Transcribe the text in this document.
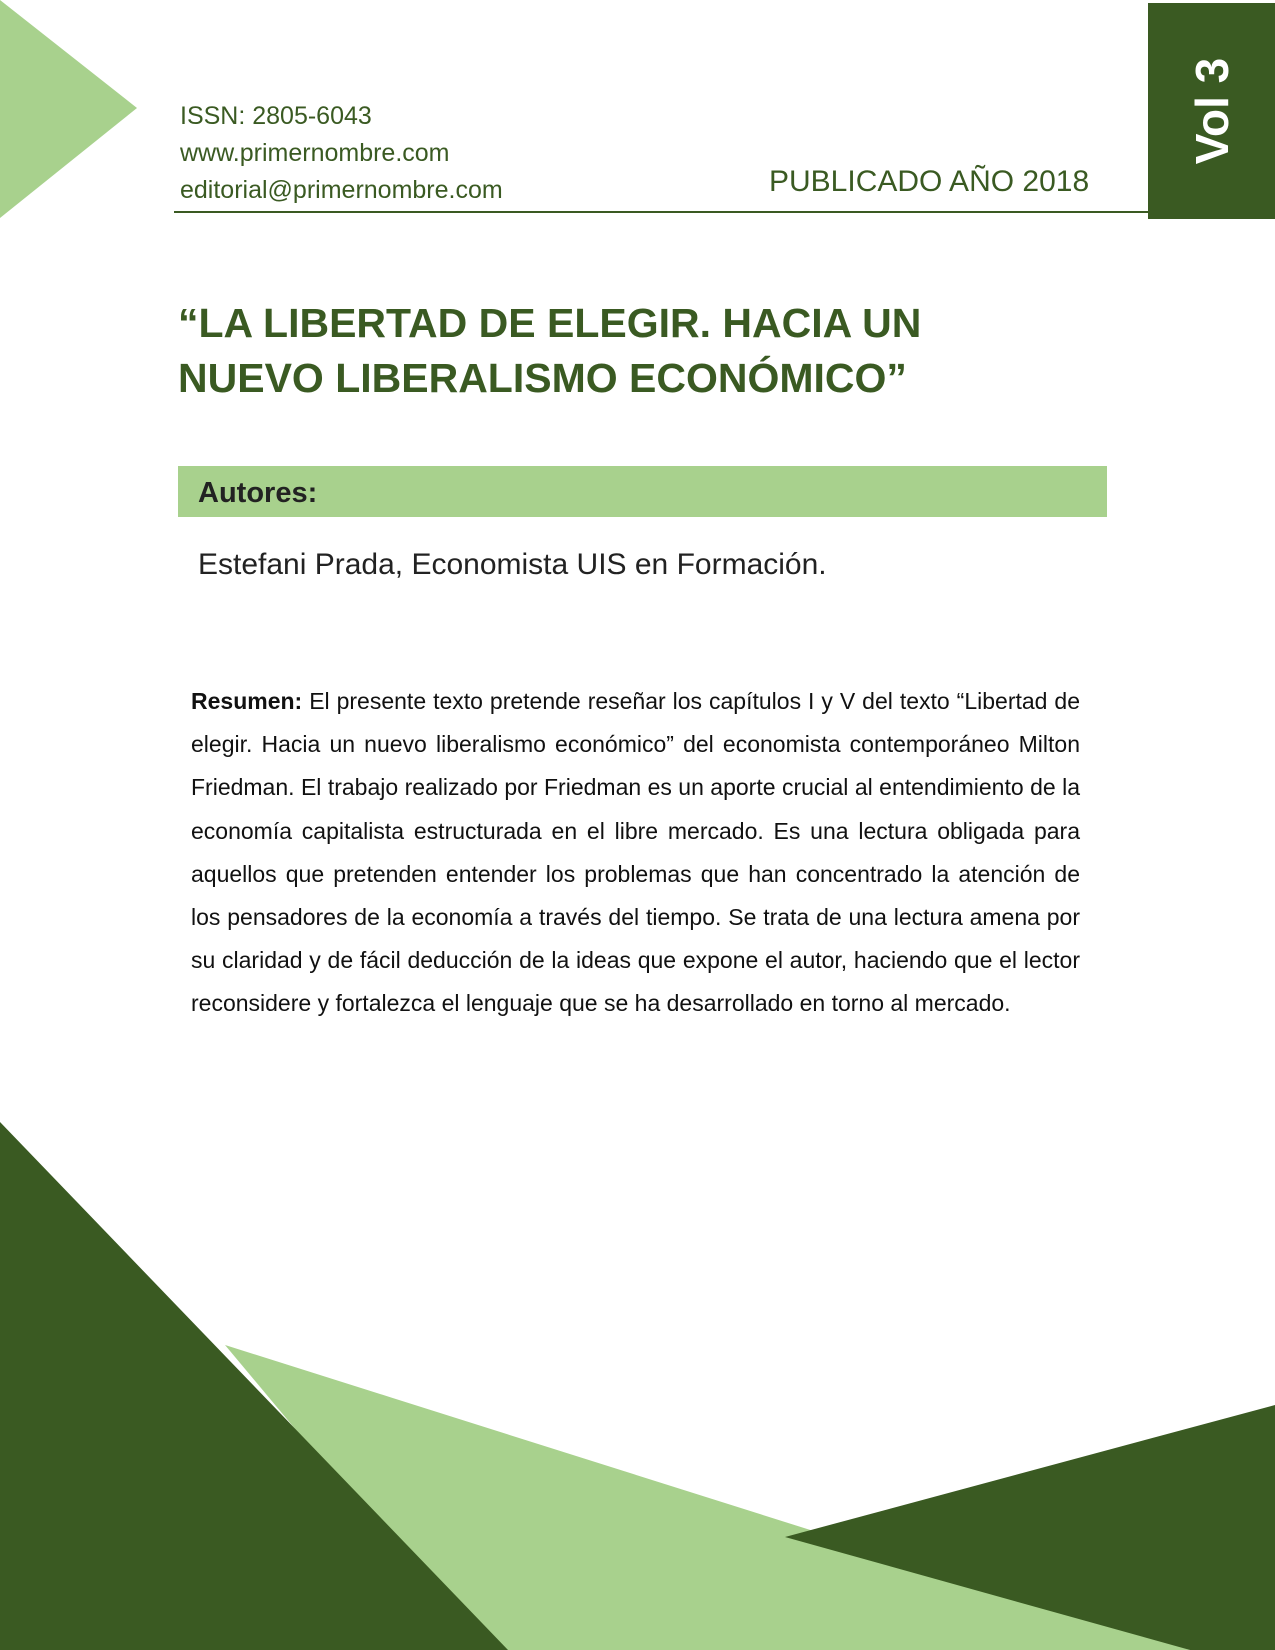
ISSN: 2805-6043
www.primernombre.com
editorial@primernombre.com	PUBLICADO AÑO 2018
Vol 3
“LA LIBERTAD DE ELEGIR. HACIA UN NUEVO LIBERALISMO ECONÓMICO”
Autores:
Estefani Prada, Economista UIS en Formación.

Resumen: El presente texto pretende reseñar los capítulos I y V del texto “Libertad de elegir. Hacia un nuevo liberalismo económico” del economista contemporáneo Milton Friedman. El trabajo realizado por Friedman es un aporte crucial al entendimiento de la economía capitalista estructurada en el libre mercado. Es una lectura obligada para aquellos que pretenden entender los problemas que han concentrado la atención de los pensadores de la economía a través del tiempo. Se trata de una lectura amena por su claridad y de fácil deducción de la ideas que expone el autor, haciendo que el lector reconsidere y fortalezca el lenguaje que se ha desarrollado en torno al mercado.
